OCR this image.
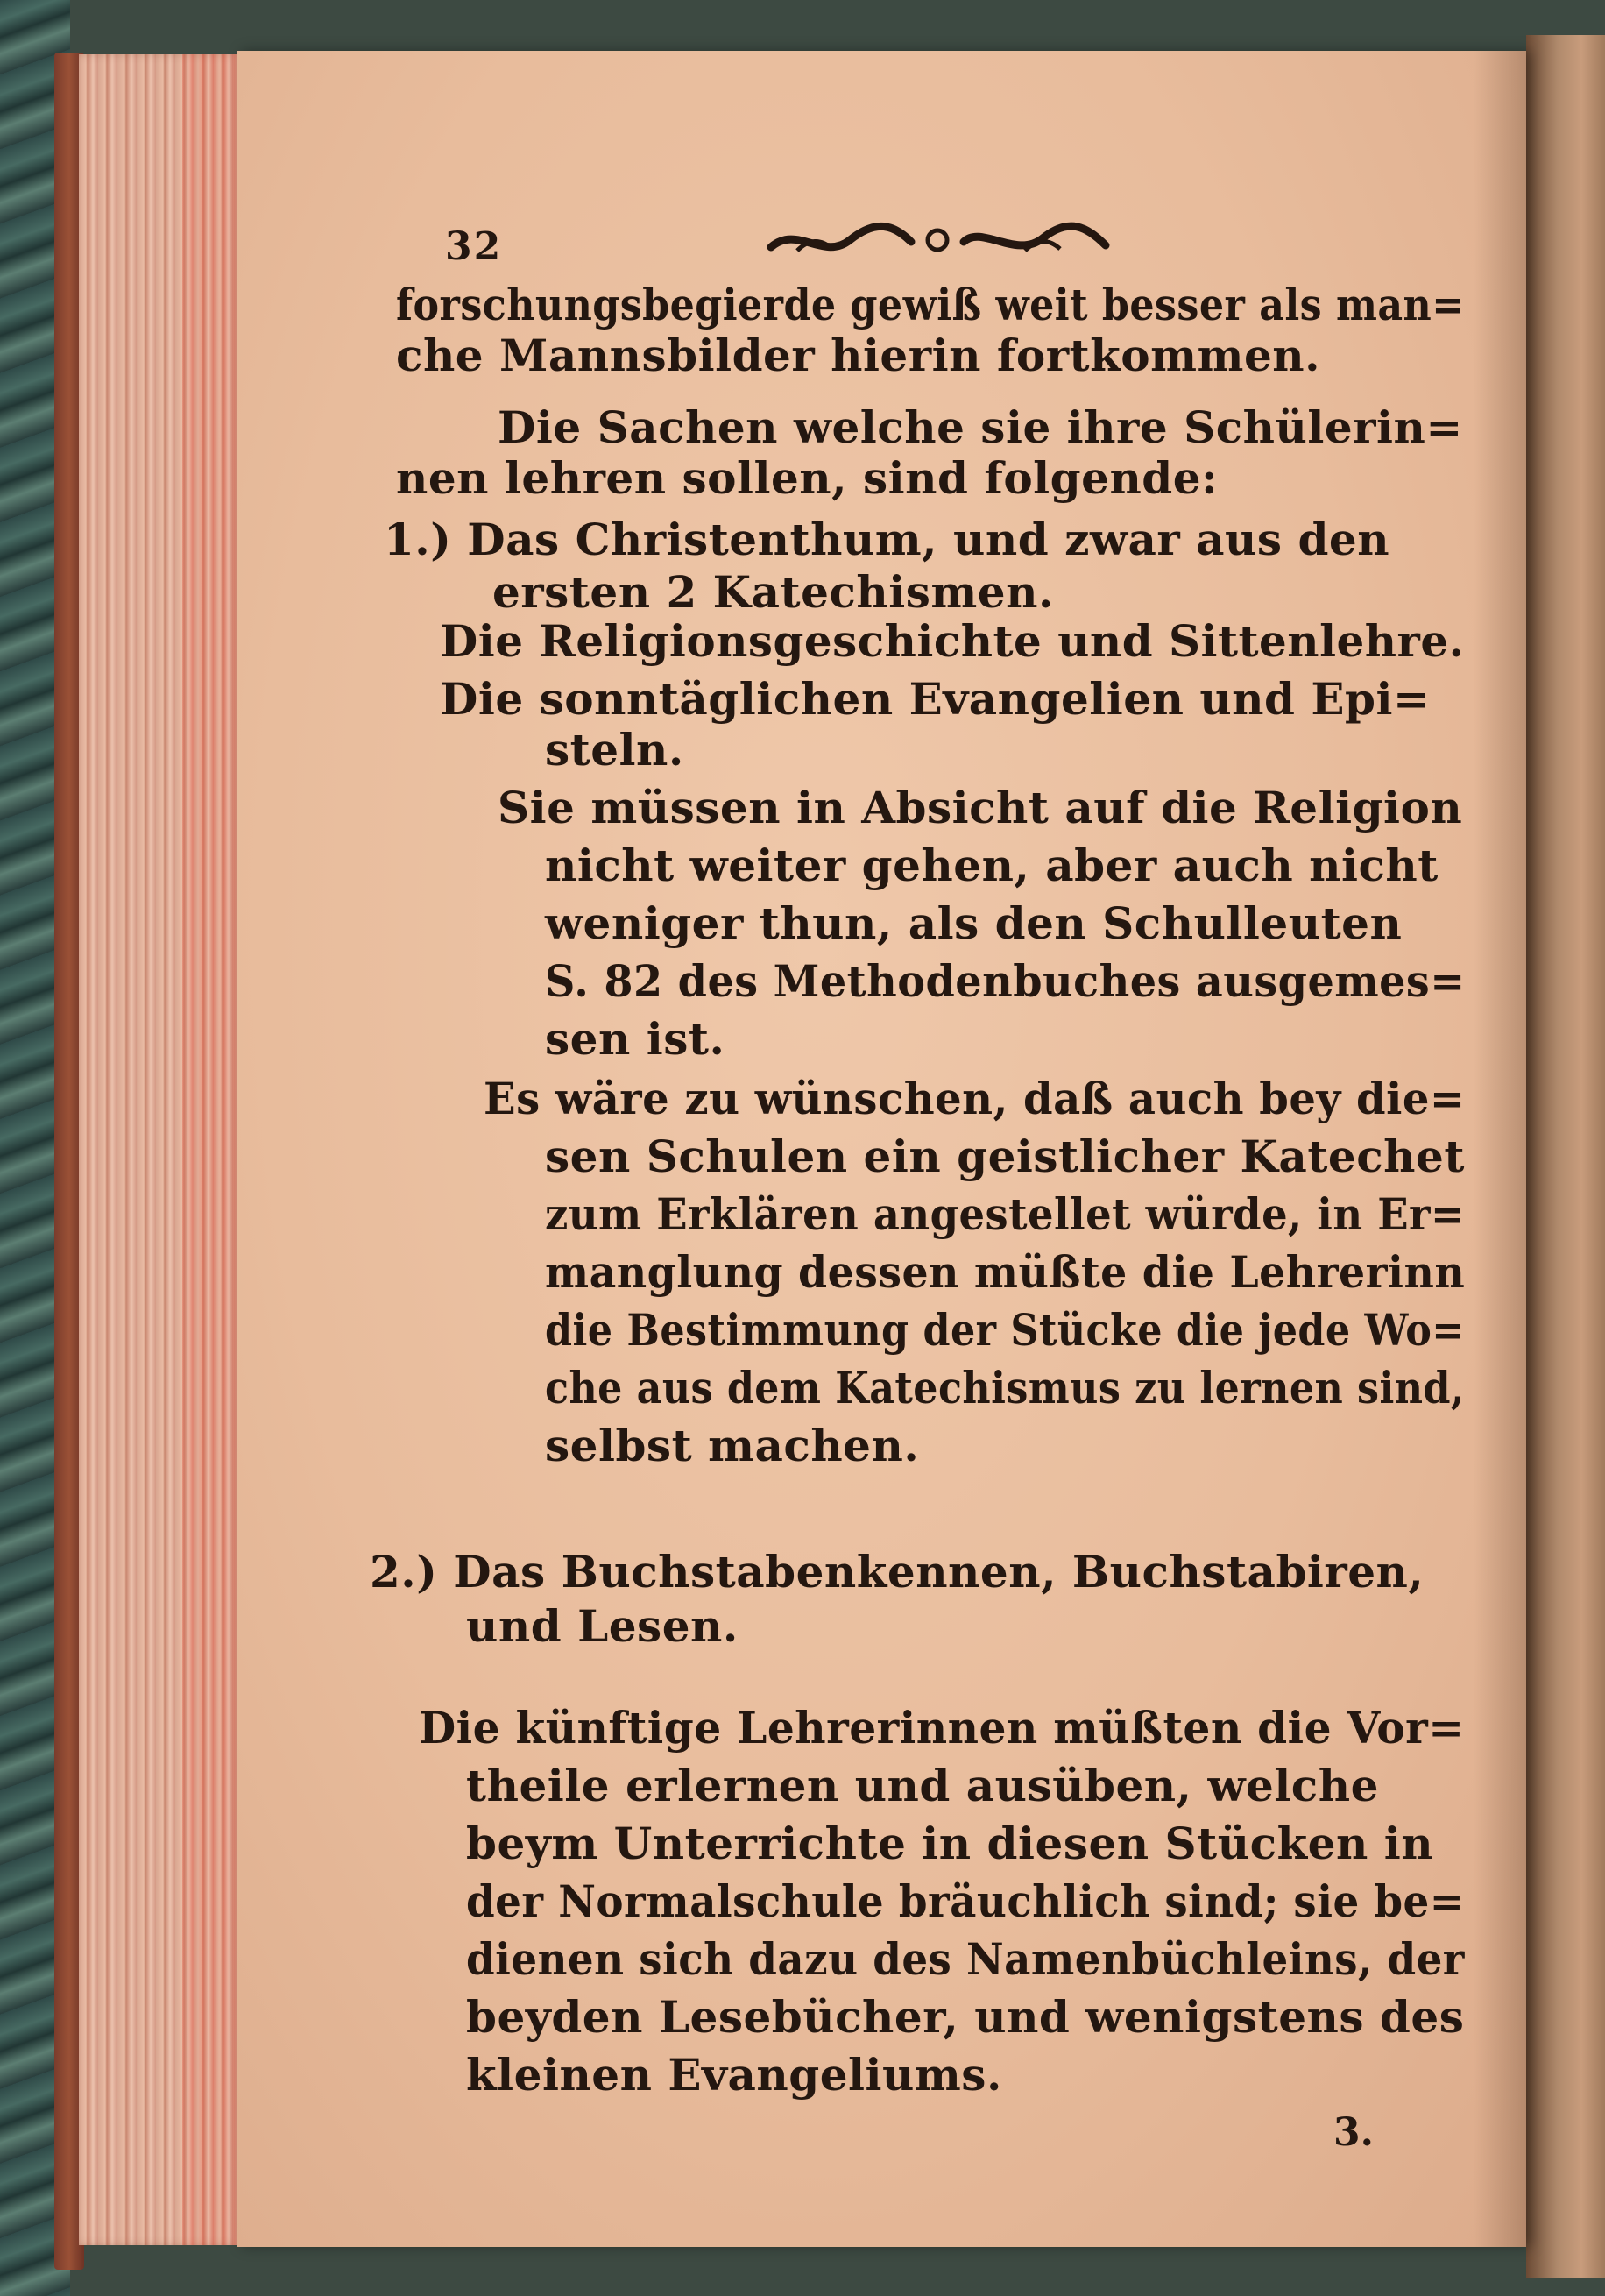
32
forschungsbegierde gewiß weit besser als man=
che Mannsbilder hierin fortkommen.
Die Sachen welche sie ihre Schülerin=
nen lehren sollen, sind folgende:
1.) Das Christenthum, und zwar aus den
ersten 2 Katechismen.
Die Religionsgeschichte und Sittenlehre.
Die sonntäglichen Evangelien und Epi=
steln.
Sie müssen in Absicht auf die Religion
nicht weiter gehen, aber auch nicht
weniger thun, als den Schulleuten
S. 82 des Methodenbuches ausgemes=
sen ist.
Es wäre zu wünschen, daß auch bey die=
sen Schulen ein geistlicher Katechet
zum Erklären angestellet würde, in Er=
manglung dessen müßte die Lehrerinn
die Bestimmung der Stücke die jede Wo=
che aus dem Katechismus zu lernen sind,
selbst machen.
2.) Das Buchstabenkennen, Buchstabiren,
und Lesen.
Die künftige Lehrerinnen müßten die Vor=
theile erlernen und ausüben, welche
beym Unterrichte in diesen Stücken in
der Normalschule bräuchlich sind; sie be=
dienen sich dazu des Namenbüchleins, der
beyden Lesebücher, und wenigstens des
kleinen Evangeliums.
3.
